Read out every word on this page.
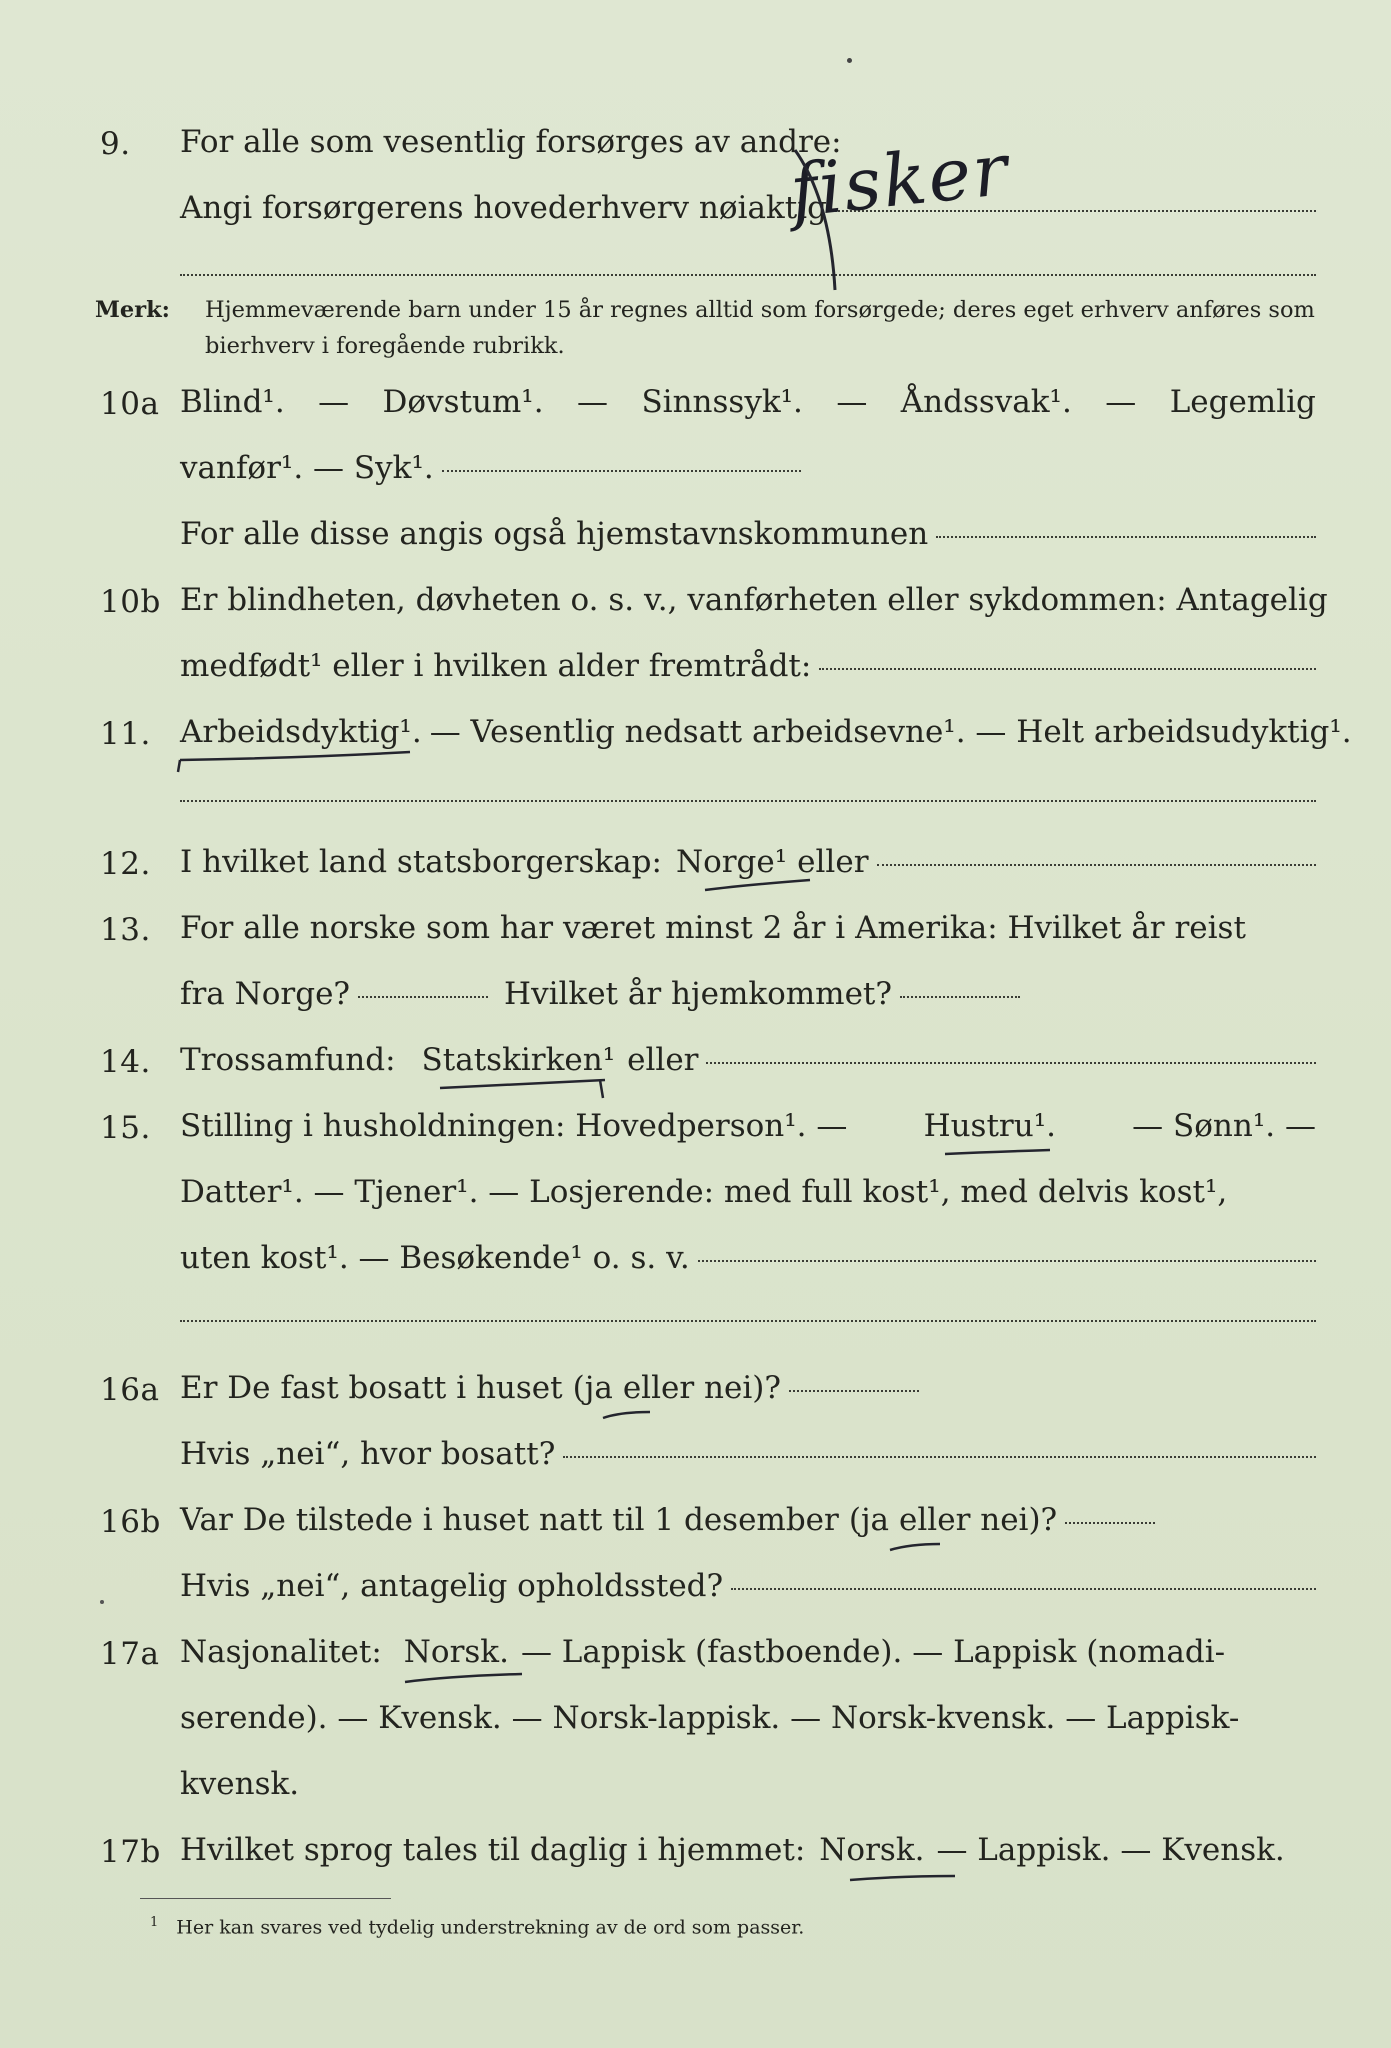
9.	For alle som vesentlig forsørges av andre:
Angi forsørgerens hovederhverv nøiaktig
fisker
Merk: Hjemmeværende barn under 15 år regnes alltid som forsørgede; deres eget erhverv anføres som bierhverv i foregående rubrikk.
10a Blind¹. — Døvstum¹. — Sinnssyk¹. — Åndssvak¹. — Legemlig
vanfør¹. — Syk¹.
For alle disse angis også hjemstavnskommunen
10b Er blindheten, døvheten o. s. v., vanførheten eller sykdommen: Antagelig
medfødt¹ eller i hvilken alder fremtrådt:
11. Arbeidsdyktig¹. — Vesentlig nedsatt arbeidsevne¹. — Helt arbeidsudyktig¹.
12. I hvilket land statsborgerskap: Norge¹ eller
13. For alle norske som har været minst 2 år i Amerika: Hvilket år reist
fra Norge?	Hvilket år hjemkommet?
14. Trossamfund: Statskirken¹ eller
15. Stilling i husholdningen: Hovedperson¹. — Hustru¹. — Sønn¹. —
Datter¹. — Tjener¹. — Losjerende: med full kost¹, med delvis kost¹,
uten kost¹. — Besøkende¹ o. s. v.
16a Er De fast bosatt i huset (ja eller nei)?
Hvis „nei“, hvor bosatt?
16b Var De tilstede i huset natt til 1 desember (ja eller nei)?
Hvis „nei“, antagelig opholdssted?
17a Nasjonalitet: Norsk. — Lappisk (fastboende). — Lappisk (nomadi-
serende). — Kvensk. — Norsk-lappisk. — Norsk-kvensk. — Lappisk-
kvensk.
17b Hvilket sprog tales til daglig i hjemmet: Norsk. — Lappisk. — Kvensk.
$^1$ Her kan svares ved tydelig understrekning av de ord som passer.
